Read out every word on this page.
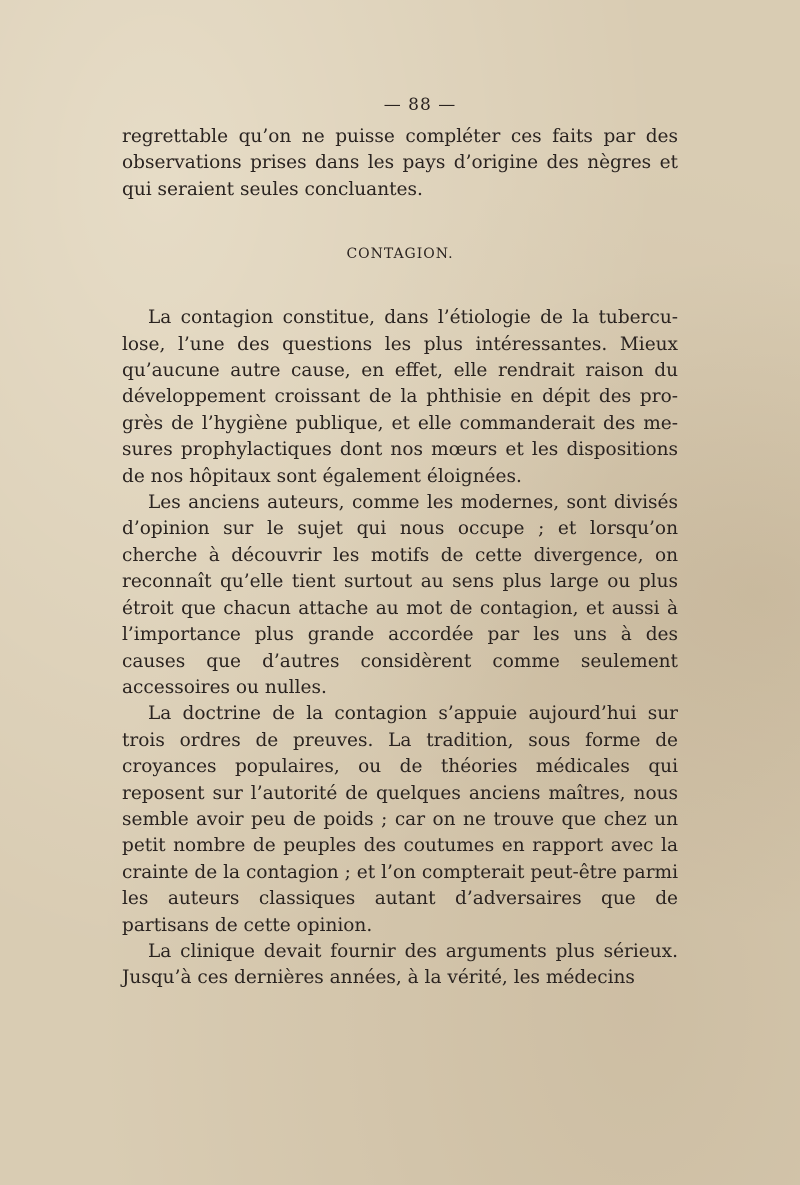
— 88 —

regrettable qu’on ne puisse compléter ces faits par des observations prises dans les pays d’origine des nègres et qui seraient seules concluantes.

CONTAGION.

La contagion constitue, dans l’étiologie de la tubercu- lose, l’une des questions les plus intéressantes. Mieux qu’aucune autre cause, en effet, elle rendrait raison du développement croissant de la phthisie en dépit des pro- grès de l’hygiène publique, et elle commanderait des me- sures prophylactiques dont nos mœurs et les dispositions de nos hôpitaux sont également éloignées.

Les anciens auteurs, comme les modernes, sont divisés d’opinion sur le sujet qui nous occupe ; et lorsqu’on cherche à découvrir les motifs de cette divergence, on reconnaît qu’elle tient surtout au sens plus large ou plus étroit que chacun attache au mot de contagion, et aussi à l’importance plus grande accordée par les uns à des causes que d’autres considèrent comme seulement accessoires ou nulles.

La doctrine de la contagion s’appuie aujourd’hui sur trois ordres de preuves. La tradition, sous forme de croyances populaires, ou de théories médicales qui reposent sur l’autorité de quelques anciens maîtres, nous semble avoir peu de poids ; car on ne trouve que chez un petit nombre de peuples des coutumes en rapport avec la crainte de la contagion ; et l’on compterait peut-être parmi les auteurs classiques autant d’adversaires que de partisans de cette opinion.

La clinique devait fournir des arguments plus sérieux. Jusqu’à ces dernières années, à la vérité, les médecins
